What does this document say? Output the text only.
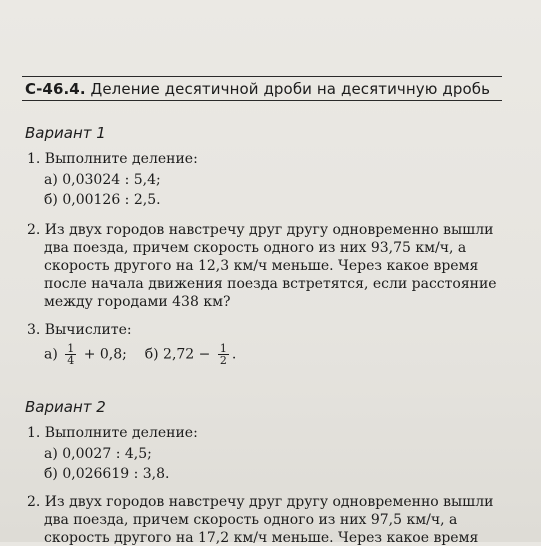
С-46.4. Деление десятичной дроби на десятичную дробь
Вариант 1
1. Выполните деление:
а) 0,03024 : 5,4;
б) 0,00126 : 2,5.
2. Из двух городов навстречу друг другу одновременно вышли
два поезда, причем скорость одного из них 93,75 км/ч, а
скорость другого на 12,3 км/ч меньше. Через какое время
после начала движения поезда встретятся, если расстояние
между городами 438 км?
3. Вычислите:
$а) \frac{1}{4} + 0,8$; б) $2,72 - \frac{1}{2}$ .
Вариант 2
1. Выполните деление:
а) 0,0027 : 4,5;
б) 0,026619 : 3,8.
2. Из двух городов навстречу друг другу одновременно вышли
два поезда, причем скорость одного из них 97,5 км/ч, а
скорость другого на 17,2 км/ч меньше. Через какое время
